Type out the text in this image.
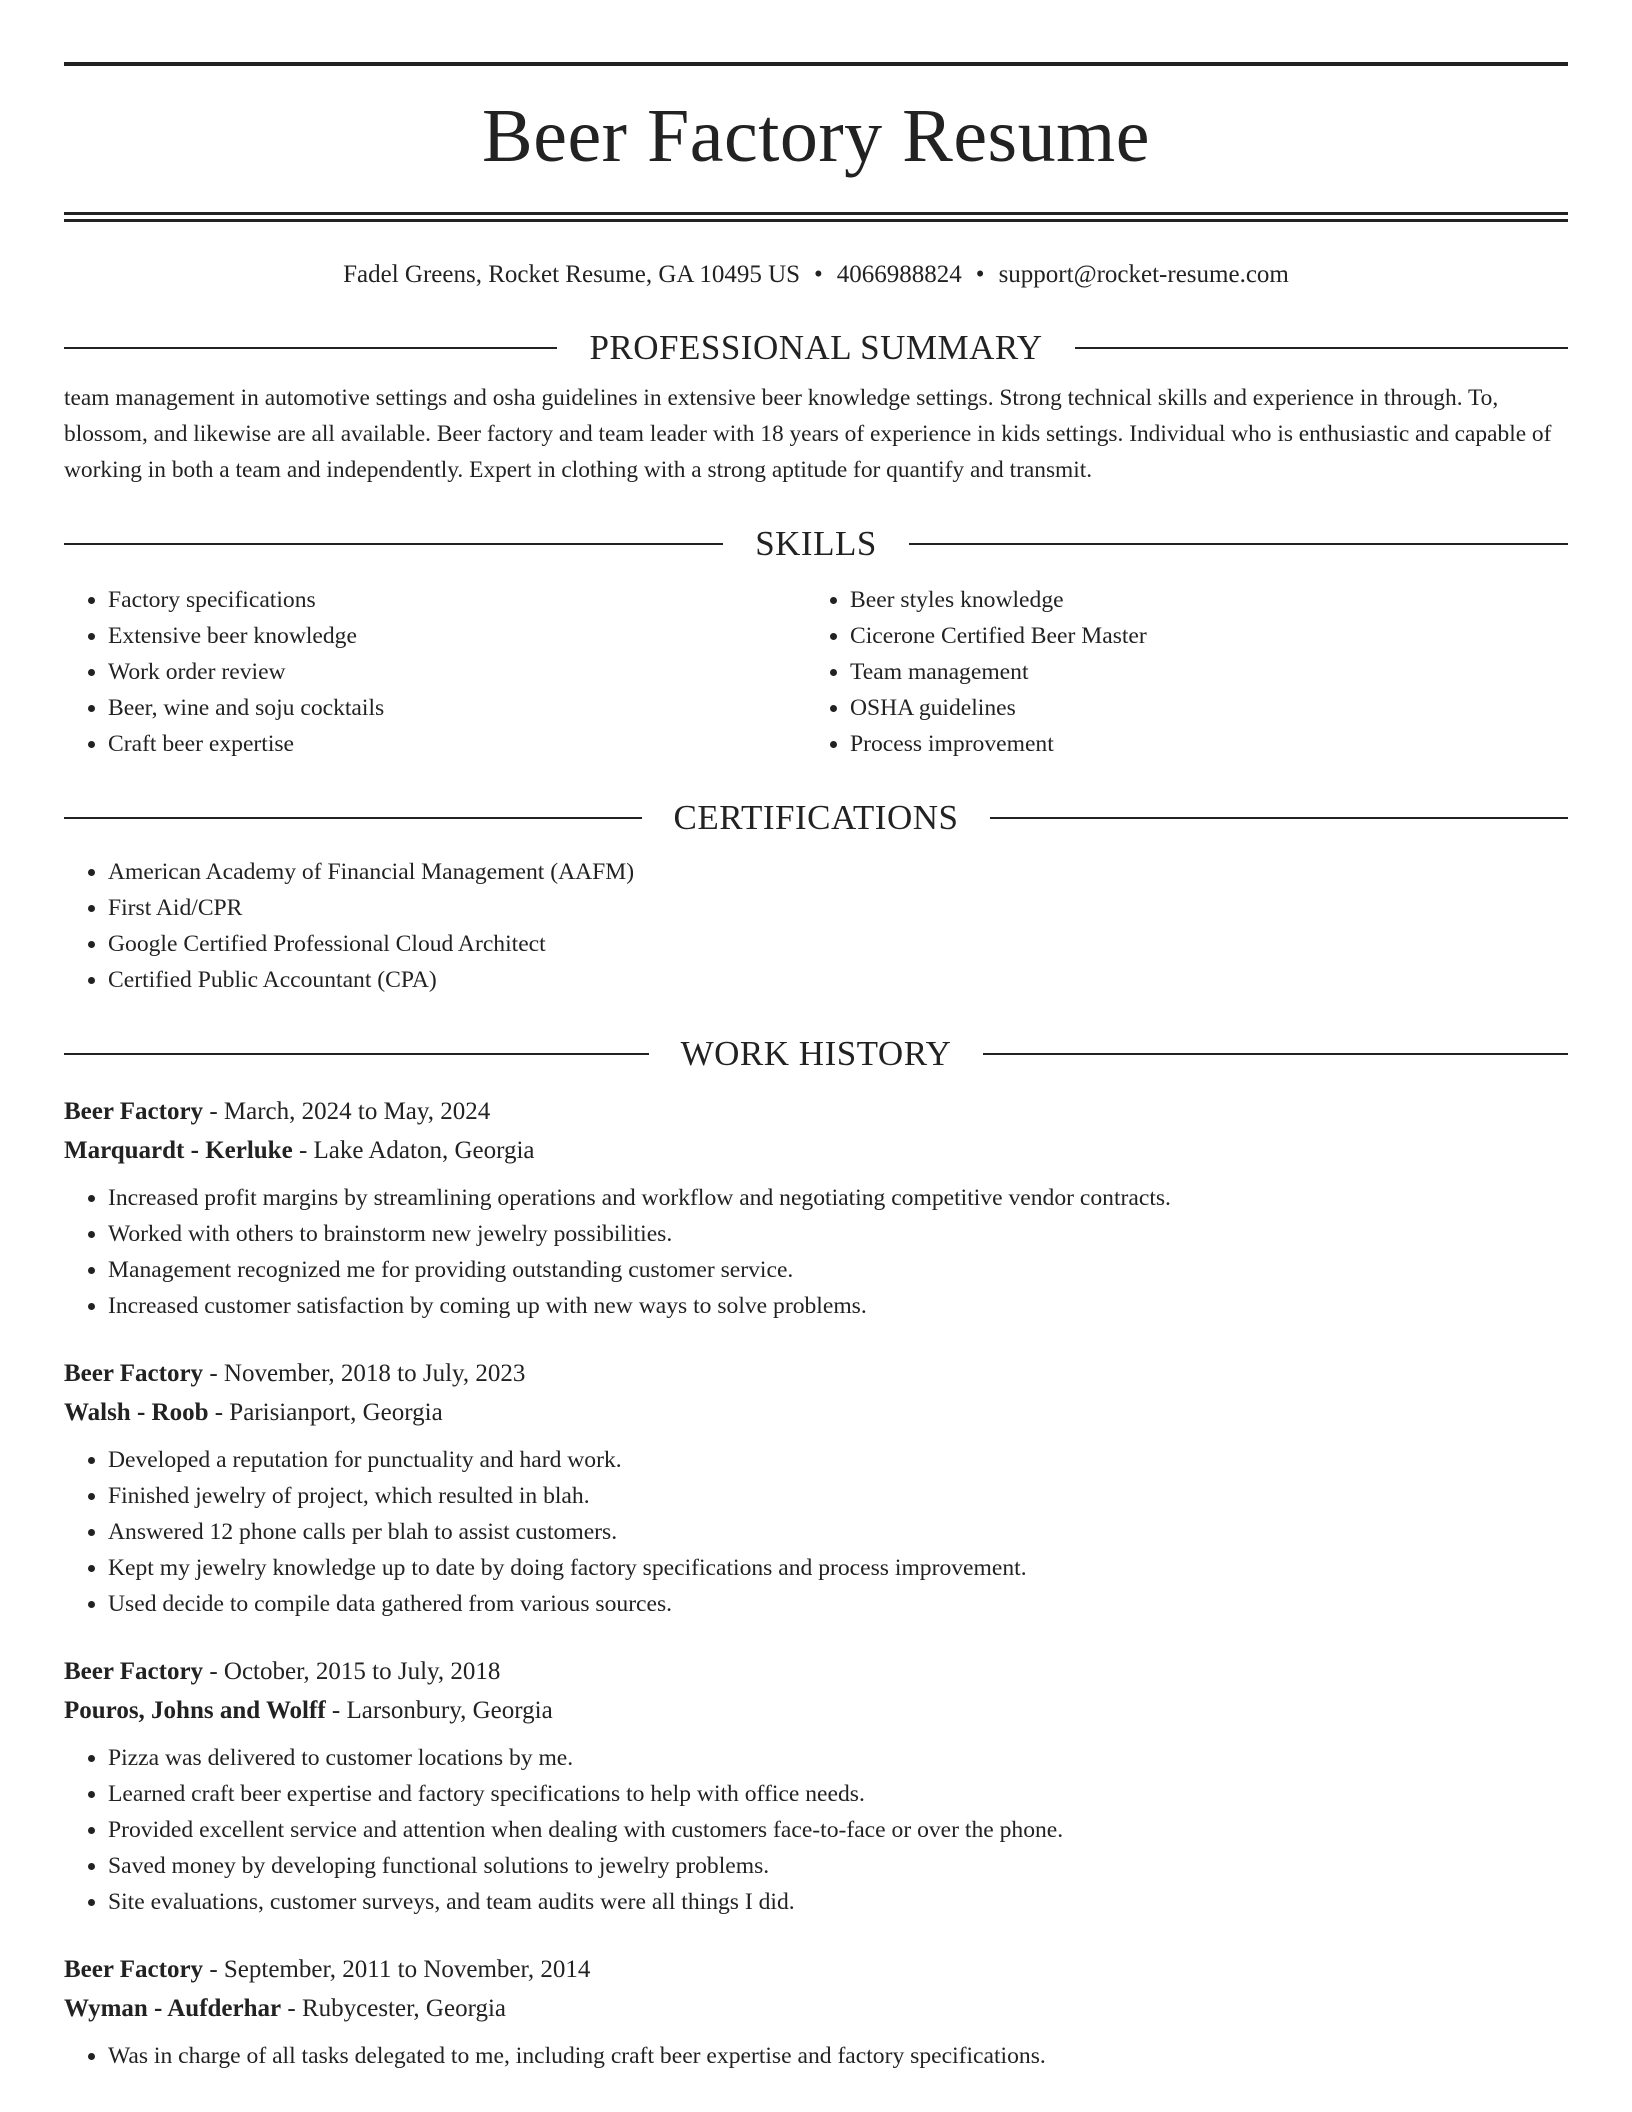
Beer Factory Resume
Fadel Greens, Rocket Resume, GA 10495 US • 4066988824 • support@rocket-resume.com
PROFESSIONAL SUMMARY

team management in automotive settings and osha guidelines in extensive beer knowledge settings. Strong technical skills and experience in through. To, blossom, and likewise are all available. Beer factory and team leader with 18 years of experience in kids settings. Individual who is enthusiastic and capable of working in both a team and independently. Expert in clothing with a strong aptitude for quantify and transmit.

SKILLS
• Factory specifications
• Extensive beer knowledge
• Work order review
• Beer, wine and soju cocktails
• Craft beer expertise
• Beer styles knowledge
• Cicerone Certified Beer Master
• Team management
• OSHA guidelines
• Process improvement
CERTIFICATIONS
• American Academy of Financial Management (AAFM)
• First Aid/CPR
• Google Certified Professional Cloud Architect
• Certified Public Accountant (CPA)
WORK HISTORY
Beer Factory - March, 2024 to May, 2024
Marquardt - Kerluke - Lake Adaton, Georgia
• Increased profit margins by streamlining operations and workflow and negotiating competitive vendor contracts.
• Worked with others to brainstorm new jewelry possibilities.
• Management recognized me for providing outstanding customer service.
• Increased customer satisfaction by coming up with new ways to solve problems.
Beer Factory - November, 2018 to July, 2023
Walsh - Roob - Parisianport, Georgia
• Developed a reputation for punctuality and hard work.
• Finished jewelry of project, which resulted in blah.
• Answered 12 phone calls per blah to assist customers.
• Kept my jewelry knowledge up to date by doing factory specifications and process improvement.
• Used decide to compile data gathered from various sources.
Beer Factory - October, 2015 to July, 2018
Pouros, Johns and Wolff - Larsonbury, Georgia
• Pizza was delivered to customer locations by me.
• Learned craft beer expertise and factory specifications to help with office needs.
• Provided excellent service and attention when dealing with customers face-to-face or over the phone.
• Saved money by developing functional solutions to jewelry problems.
• Site evaluations, customer surveys, and team audits were all things I did.
Beer Factory - September, 2011 to November, 2014
Wyman - Aufderhar - Rubycester, Georgia
• Was in charge of all tasks delegated to me, including craft beer expertise and factory specifications.
